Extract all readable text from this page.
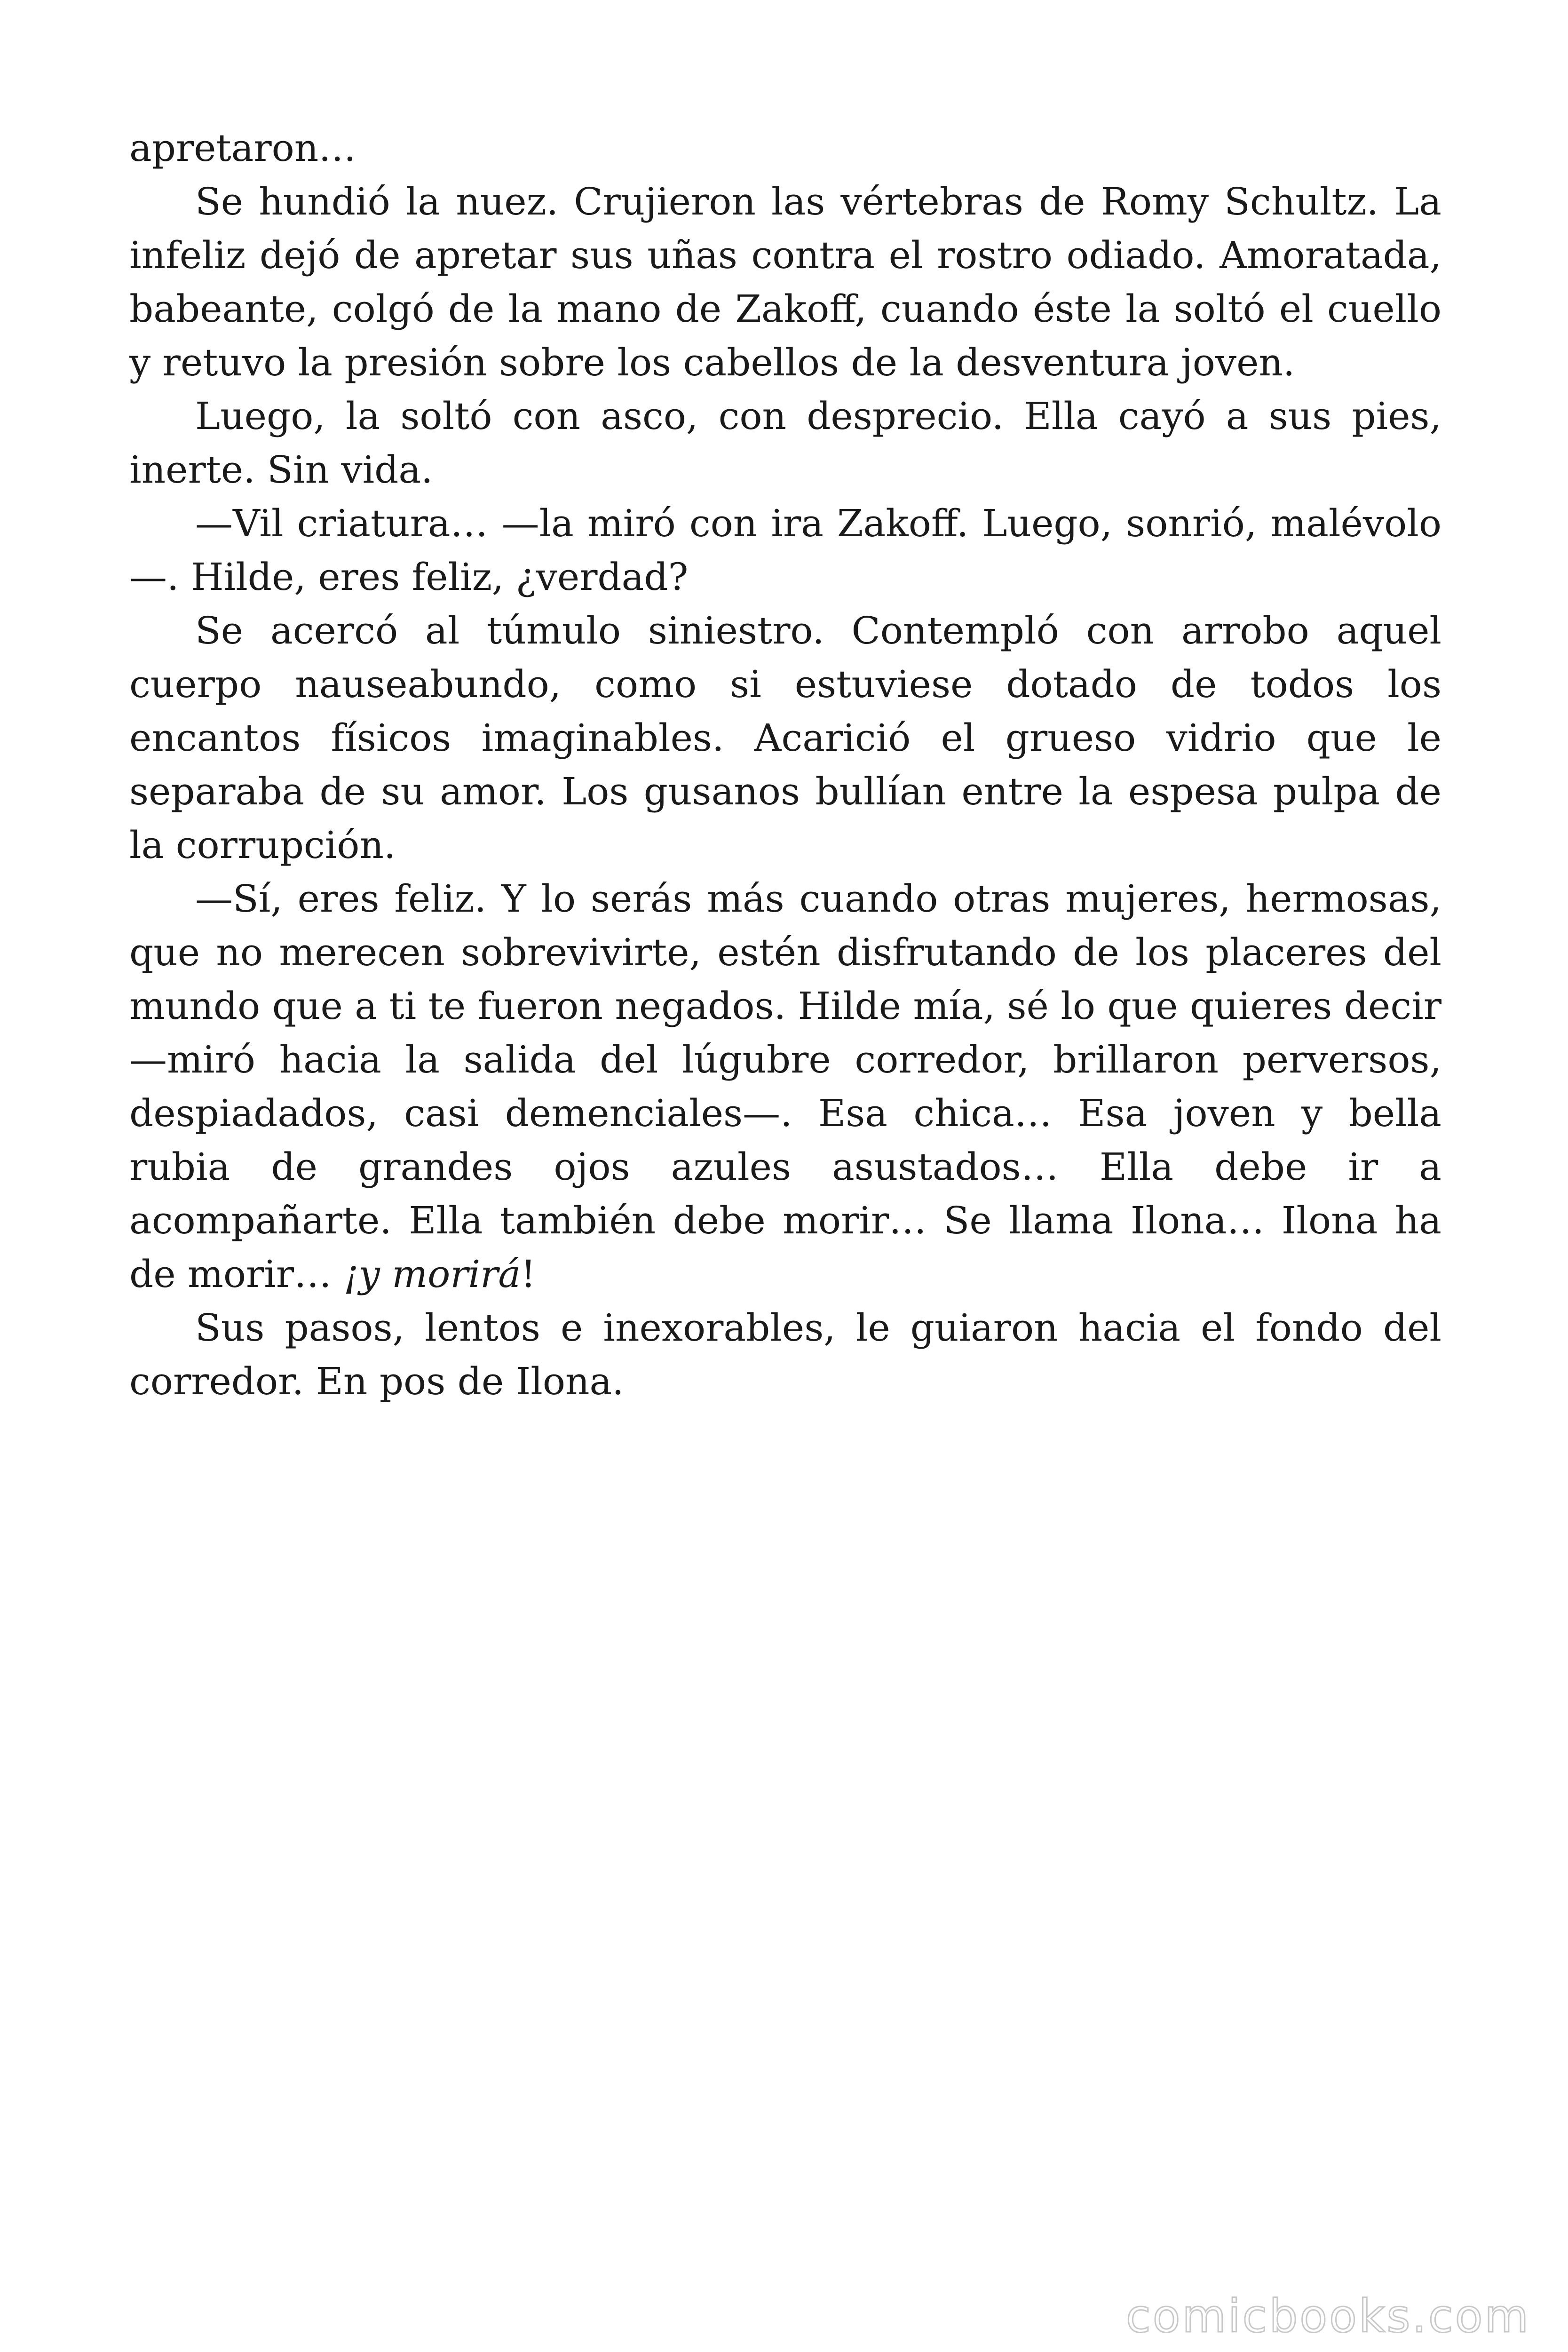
apretaron…

Se hundió la nuez. Crujieron las vértebras de Romy Schultz. La infeliz dejó de apretar sus uñas contra el rostro odiado. Amoratada, babeante, colgó de la mano de Zakoff, cuando éste la soltó el cuello y retuvo la presión sobre los cabellos de la desventura joven.

Luego, la soltó con asco, con desprecio. Ella cayó a sus pies, inerte. Sin vida.

—Vil criatura… —la miró con ira Zakoff. Luego, sonrió, malévolo—. Hilde, eres feliz, ¿verdad?

Se acercó al túmulo siniestro. Contempló con arrobo aquel cuerpo nauseabundo, como si estuviese dotado de todos los encantos físicos imaginables. Acarició el grueso vidrio que le separaba de su amor. Los gusanos bullían entre la espesa pulpa de la corrupción.

—Sí, eres feliz. Y lo serás más cuando otras mujeres, hermosas, que no merecen sobrevivirte, estén disfrutando de los placeres del mundo que a ti te fueron negados. Hilde mía, sé lo que quieres decir —miró hacia la salida del lúgubre corredor, brillaron perversos, despiadados, casi demenciales—. Esa chica… Esa joven y bella rubia de grandes ojos azules asustados… Ella debe ir a acompañarte. Ella también debe morir… Se llama Ilona… Ilona ha de morir… ¡y morirá!

Sus pasos, lentos e inexorables, le guiaron hacia el fondo del corredor. En pos de Ilona.

comicbooks.com
